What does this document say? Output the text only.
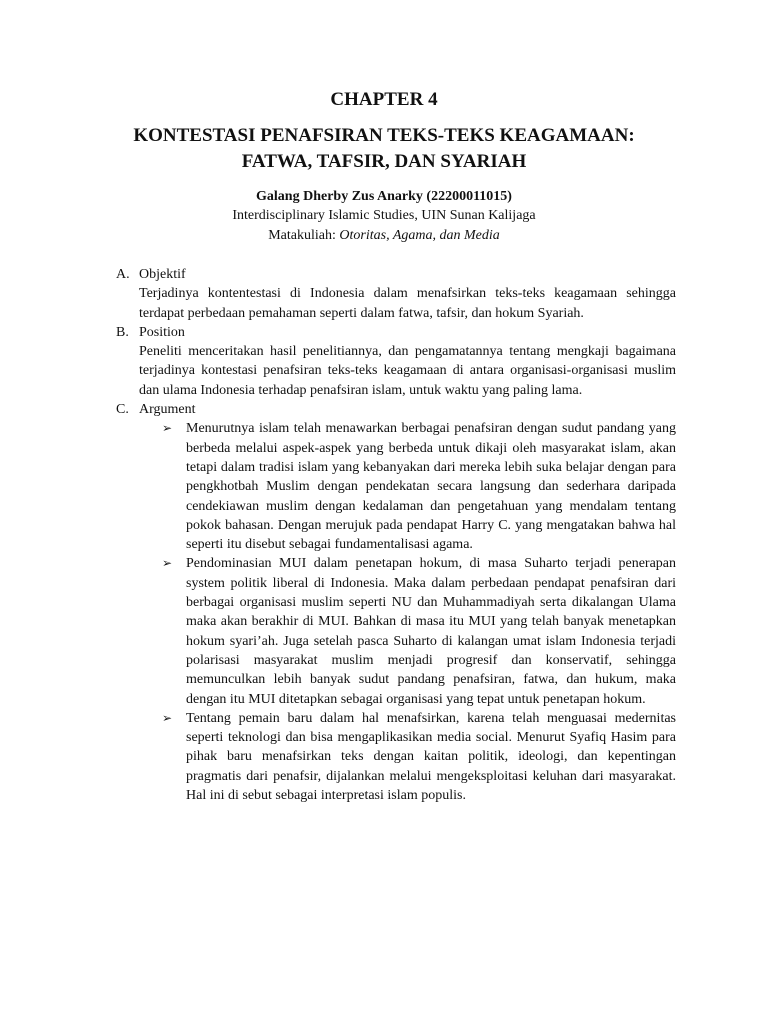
CHAPTER 4
KONTESTASI PENAFSIRAN TEKS-TEKS KEAGAMAAN:
FATWA, TAFSIR, DAN SYARIAH
Galang Dherby Zus Anarky (22200011015)
Interdisciplinary Islamic Studies, UIN Sunan Kalijaga
Matakuliah: Otoritas, Agama, dan Media
A. Objektif
Terjadinya kontentestasi di Indonesia dalam menafsirkan teks-teks keagamaan sehingga terdapat perbedaan pemahaman seperti dalam fatwa, tafsir, dan hokum Syariah.
B. Position
Peneliti menceritakan hasil penelitiannya, dan pengamatannya tentang mengkaji bagaimana terjadinya kontestasi penafsiran teks-teks keagamaan di antara organisasi-organisasi muslim dan ulama Indonesia terhadap penafsiran islam, untuk waktu yang paling lama.
C. Argument
➢ Menurutnya islam telah menawarkan berbagai penafsiran dengan sudut pandang yang berbeda melalui aspek-aspek yang berbeda untuk dikaji oleh masyarakat islam, akan tetapi dalam tradisi islam yang kebanyakan dari mereka lebih suka belajar dengan para pengkhotbah Muslim dengan pendekatan secara langsung dan sederhara daripada cendekiawan muslim dengan kedalaman dan pengetahuan yang mendalam tentang pokok bahasan. Dengan merujuk pada pendapat Harry C. yang mengatakan bahwa hal seperti itu disebut sebagai fundamentalisasi agama.
➢ Pendominasian MUI dalam penetapan hokum, di masa Suharto terjadi penerapan system politik liberal di Indonesia. Maka dalam perbedaan pendapat penafsiran dari berbagai organisasi muslim seperti NU dan Muhammadiyah serta dikalangan Ulama maka akan berakhir di MUI. Bahkan di masa itu MUI yang telah banyak menetapkan hokum syari’ah. Juga setelah pasca Suharto di kalangan umat islam Indonesia terjadi polarisasi masyarakat muslim menjadi progresif dan konservatif, sehingga memunculkan lebih banyak sudut pandang penafsiran, fatwa, dan hukum, maka dengan itu MUI ditetapkan sebagai organisasi yang tepat untuk penetapan hokum.
➢ Tentang pemain baru dalam hal menafsirkan, karena telah menguasai medernitas seperti teknologi dan bisa mengaplikasikan media social. Menurut Syafiq Hasim para pihak baru menafsirkan teks dengan kaitan politik, ideologi, dan kepentingan pragmatis dari penafsir, dijalankan melalui mengeksploitasi keluhan dari masyarakat. Hal ini di sebut sebagai interpretasi islam populis.
